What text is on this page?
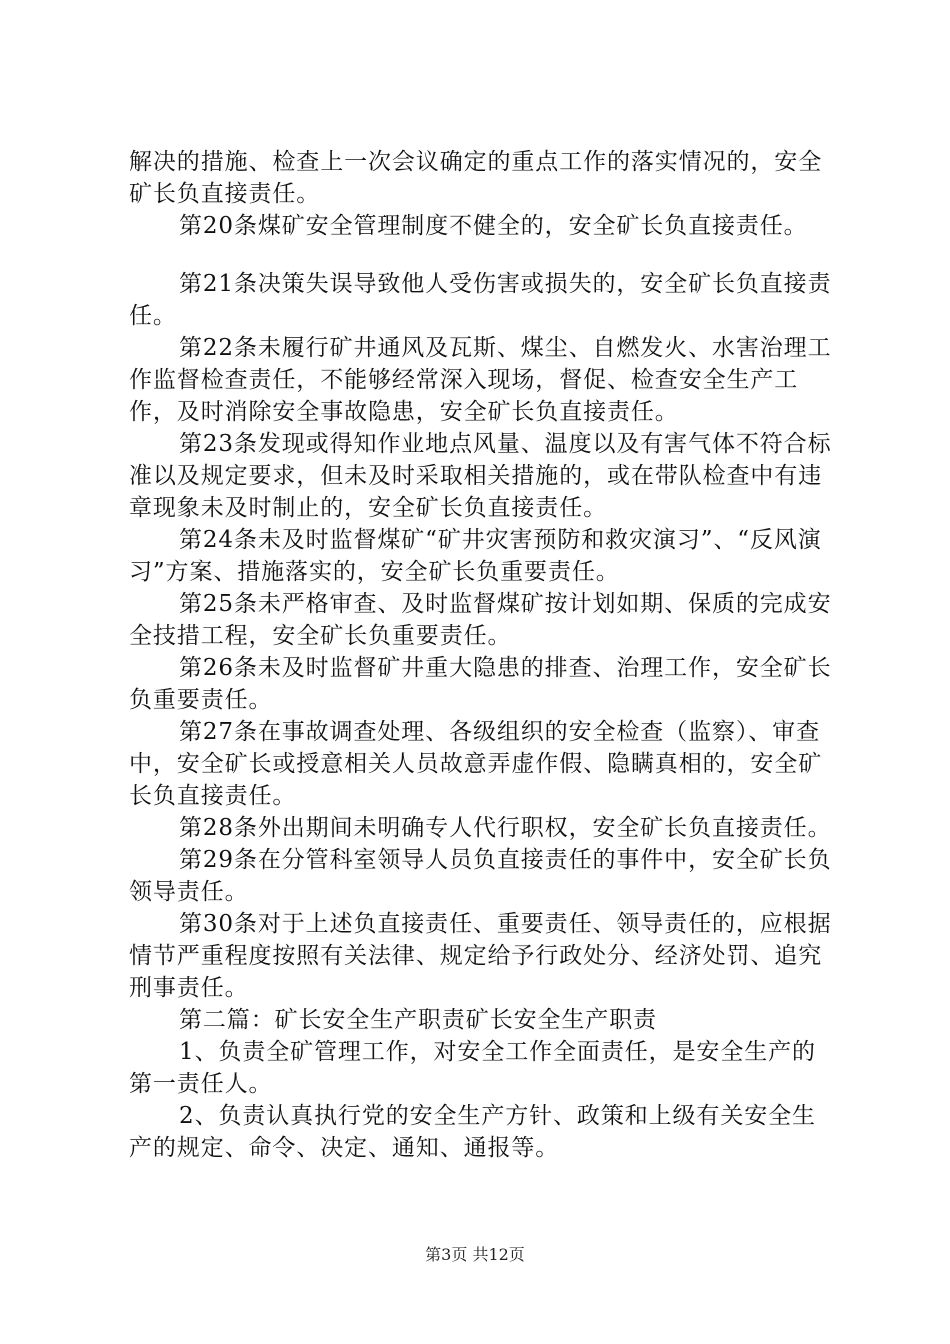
解决的措施、检查上一次会议确定的重点工作的落实情况的，安全矿长负直接责任。

第20条煤矿安全管理制度不健全的，安全矿长负直接责任。

第21条决策失误导致他人受伤害或损失的，安全矿长负直接责任。

第22条未履行矿井通风及瓦斯、煤尘、自燃发火、水害治理工作监督检查责任，不能够经常深入现场，督促、检查安全生产工作，及时消除安全事故隐患，安全矿长负直接责任。

第23条发现或得知作业地点风量、温度以及有害气体不符合标准以及规定要求，但未及时采取相关措施的，或在带队检查中有违章现象未及时制止的，安全矿长负直接责任。

第24条未及时监督煤矿“矿井灾害预防和救灾演习”、“反风演习”方案、措施落实的，安全矿长负重要责任。

第25条未严格审查、及时监督煤矿按计划如期、保质的完成安全技措工程，安全矿长负重要责任。

第26条未及时监督矿井重大隐患的排查、治理工作，安全矿长负重要责任。

第27条在事故调查处理、各级组织的安全检查（监察）、审查中，安全矿长或授意相关人员故意弄虚作假、隐瞒真相的，安全矿长负直接责任。

第28条外出期间未明确专人代行职权，安全矿长负直接责任。

第29条在分管科室领导人员负直接责任的事件中，安全矿长负领导责任。

第30条对于上述负直接责任、重要责任、领导责任的，应根据情节严重程度按照有关法律、规定给予行政处分、经济处罚、追究刑事责任。

第二篇：矿长安全生产职责矿长安全生产职责

1、负责全矿管理工作，对安全工作全面责任，是安全生产的第一责任人。

2、负责认真执行党的安全生产方针、政策和上级有关安全生产的规定、命令、决定、通知、通报等。

第3页 共12页
